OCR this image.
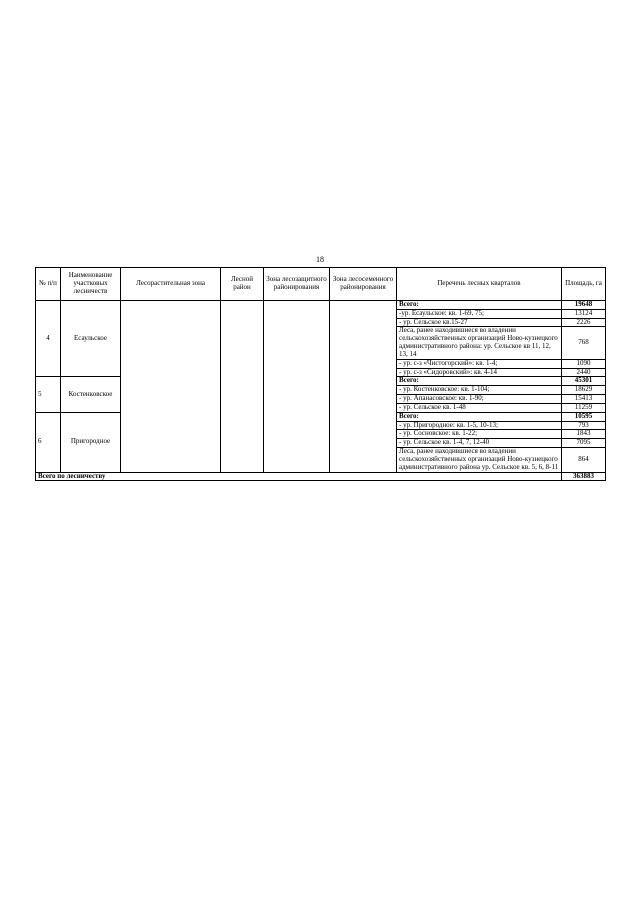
18
№ п/п	Наименование участковых лесничеств	Лесорастительная зона	Лесной район	Зона лесозащитного районирования	Зона лесосеменного районирования	Перечень лесных кварталов	Площадь, га
4	Есаульское					Всего:	19648
						-ур. Есаульское: кв. 1-69, 75;	13124
						- ур. Сельское кв.15-27	2226
						Леса, ранее находившиеся во владении сельскохозяйственных организаций Ново-кузнецкого административного района: ур. Сельское кв 11, 12, 13, 14	768
						- ур. с-з «Чистогорский»: кв. 1-4;	1090
						- ур. с-з «Сидоровский»: кв. 4-14	2440
5	Костенковское					Всего:	45301
						- ур. Костенковское: кв. 1-104;	18629
						- ур. Апанасовское: кв. 1-90;	15413
						- ур. Сельское кв. 1-48	11259
6	Пригородное					Всего:	10595
						- ур. Пригородное: кв. 1-5, 10-13;	793
						- ур. Сосновское: кв. 1-22;	1843
						- ур. Сельское кв. 1-4, 7, 12-40	7095
						Леса, ранее находившиеся во владении сельскохозяйственных организаций Ново-кузнецкого административного района ур. Сельское кв. 5, 6, 8-11	864
Всего по лесничеству							363883
